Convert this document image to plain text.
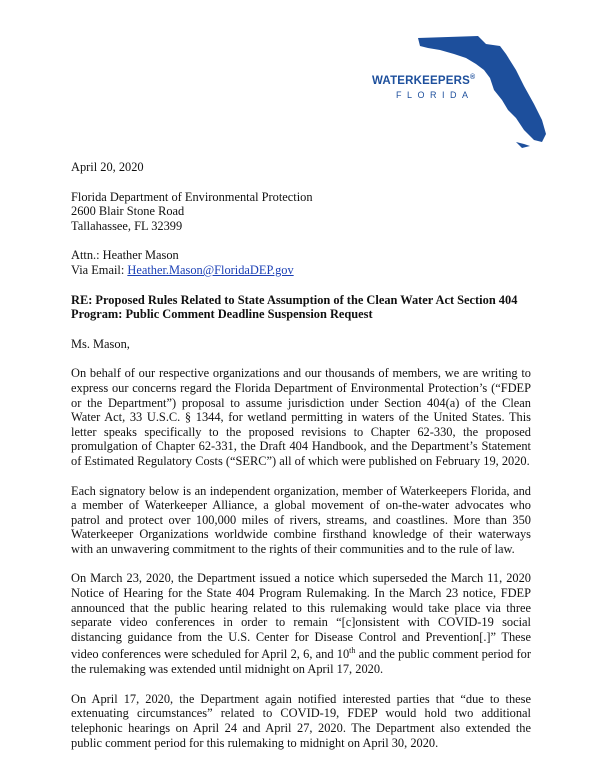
WATERKEEPERS®
FLORIDA
April 20, 2020
Florida Department of Environmental Protection
2600 Blair Stone Road
Tallahassee, FL 32399
Attn.: Heather Mason
Via Email: Heather.Mason@FloridaDEP.gov
RE: Proposed Rules Related to State Assumption of the Clean Water Act Section 404
Program: Public Comment Deadline Suspension Request
Ms. Mason,

On behalf of our respective organizations and our thousands of members, we are writing to express our concerns regard the Florida Department of Environmental Protection’s (“FDEP or the Department”) proposal to assume jurisdiction under Section 404(a) of the Clean Water Act, 33 U.S.C. § 1344, for wetland permitting in waters of the United States. This letter speaks specifically to the proposed revisions to Chapter 62-330, the proposed promulgation of Chapter 62-331, the Draft 404 Handbook, and the Department’s Statement of Estimated Regulatory Costs (“SERC”) all of which were published on February 19, 2020.

Each signatory below is an independent organization, member of Waterkeepers Florida, and a member of Waterkeeper Alliance, a global movement of on-the-water advocates who patrol and protect over 100,000 miles of rivers, streams, and coastlines. More than 350 Waterkeeper Organizations worldwide combine firsthand knowledge of their waterways with an unwavering commitment to the rights of their communities and to the rule of law.

On March 23, 2020, the Department issued a notice which superseded the March 11, 2020 Notice of Hearing for the State 404 Program Rulemaking. In the March 23 notice, FDEP announced that the public hearing related to this rulemaking would take place via three separate video conferences in order to remain “[c]onsistent with COVID-19 social distancing guidance from the U.S. Center for Disease Control and Prevention[.]” These video conferences were scheduled for April 2, 6, and 10th and the public comment period for the rulemaking was extended until midnight on April 17, 2020.

On April 17, 2020, the Department again notified interested parties that “due to these extenuating circumstances” related to COVID-19, FDEP would hold two additional telephonic hearings on April 24 and April 27, 2020. The Department also extended the public comment period for this rulemaking to midnight on April 30, 2020.
